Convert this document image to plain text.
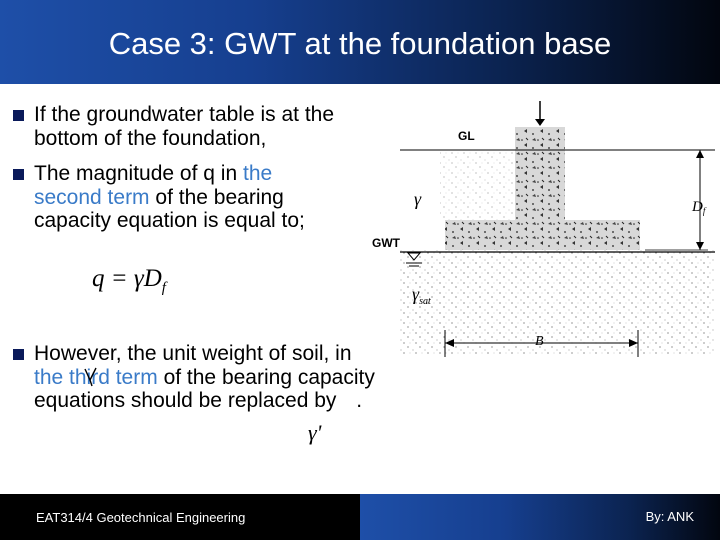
Case 3: GWT at the foundation base
If the groundwater table is at the bottom of the foundation,
The magnitude of q in the second term of the bearing capacity equation is equal to;
$q = \gamma D_f$
However, the unit weight of soil, in the third term of the bearing capacity equations should be replaced by .
γ'
GL
GWT
γ
$\gamma_{sat}$
$D_f$
B
EAT314/4 Geotechnical Engineering	By: ANK
